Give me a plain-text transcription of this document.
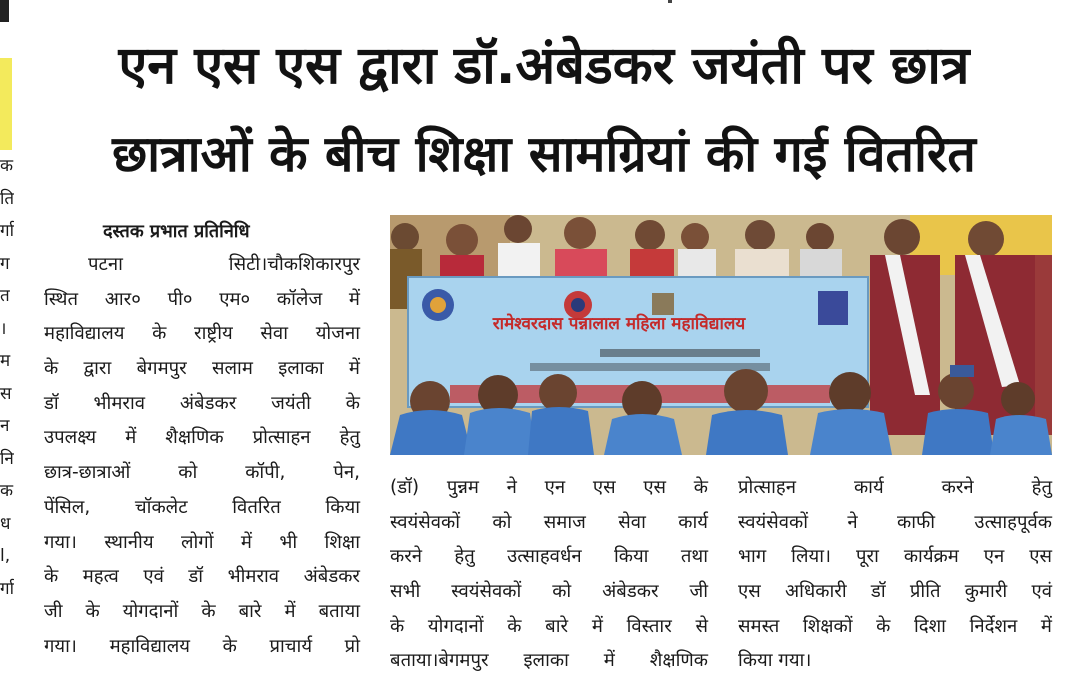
क
ति
र्गा
ग
त
।
म
स
न
नि
क
ध
l,
र्गा
एन एस एस द्वारा डॉ.अंबेडकर जयंती पर छात्र
छात्राओं के बीच शिक्षा सामग्रियां की गई वितरित
दस्तक प्रभात प्रतिनिधि
पटना सिटी।चौकशिकारपुर
स्थित आर० पी० एम० कॉलेज में
महाविद्यालय के राष्ट्रीय सेवा योजना
के द्वारा बेगमपुर सलाम इलाका में
डॉ भीमराव अंबेडकर जयंती के
उपलक्ष्य में शैक्षणिक प्रोत्साहन हेतु
छात्र-छात्राओं को कॉपी, पेन,
पेंसिल, चॉकलेट वितरित किया
गया। स्थानीय लोगों में भी शिक्षा
के महत्व एवं डॉ भीमराव अंबेडकर
जी के योगदानों के बारे में बताया
गया। महाविद्यालय के प्राचार्य प्रो
रामेश्वरदास पन्नालाल महिला महाविद्यालय
(डॉ) पुन्नम ने एन एस एस के
स्वयंसेवकों को समाज सेवा कार्य
करने हेतु उत्साहवर्धन किया तथा
सभी स्वयंसेवकों को अंबेडकर जी
के योगदानों के बारे में विस्तार से
बताया।बेगमपुर इलाका में शैक्षणिक
प्रोत्साहन कार्य करने हेतु
स्वयंसेवकों ने काफी उत्साहपूर्वक
भाग लिया। पूरा कार्यक्रम एन एस
एस अधिकारी डॉ प्रीति कुमारी एवं
समस्त शिक्षकों के दिशा निर्देशन में
किया गया।
